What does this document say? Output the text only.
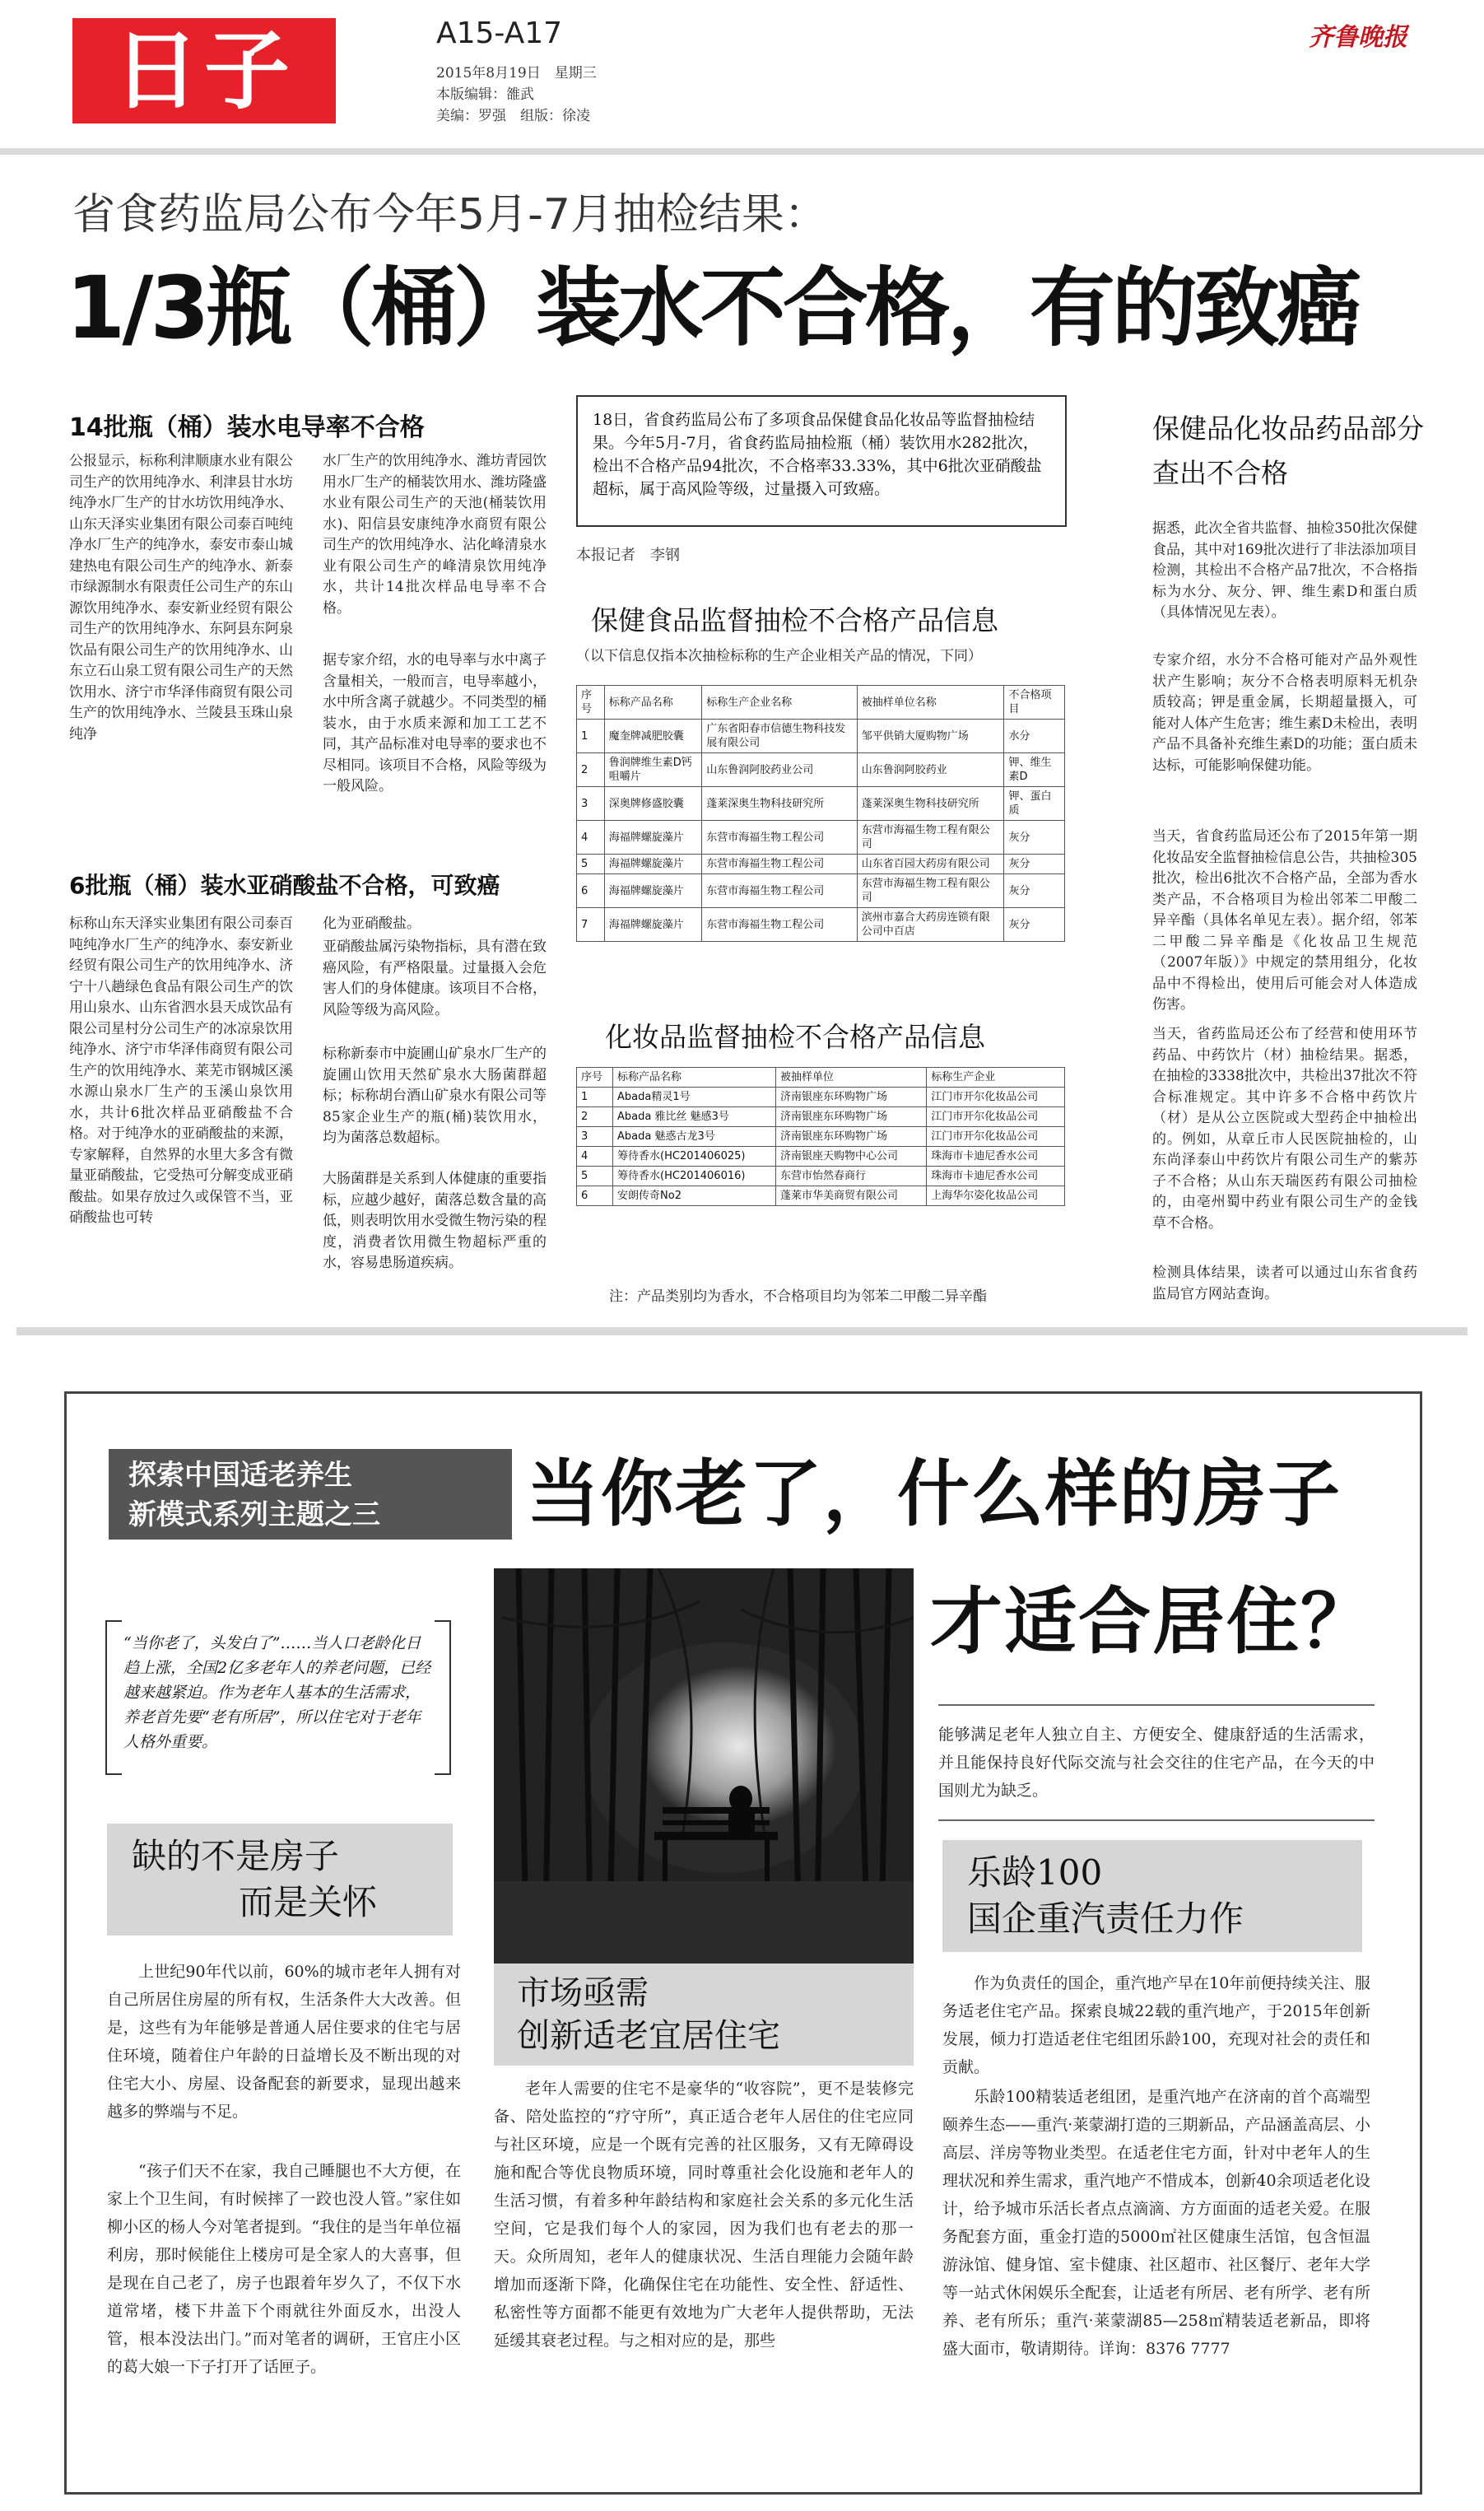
日子	A15-A17
2015年8月19日　星期三
本版编辑：雒武
美编：罗强　组版：徐凌
齐鲁晚报
省食药监局公布今年5月-7月抽检结果：
1/3瓶（桶）装水不合格，有的致癌
14批瓶（桶）装水电导率不合格
公报显示，标称利津顺康水业有限公司生产的饮用纯净水、利津县甘水坊纯净水厂生产的甘水坊饮用纯净水、山东天泽实业集团有限公司泰百吨纯净水厂生产的纯净水，泰安市泰山城建热电有限公司生产的纯净水、新泰市绿源制水有限责任公司生产的东山源饮用纯净水、泰安新业经贸有限公司生产的饮用纯净水、东阿县东阿泉饮品有限公司生产的饮用纯净水、山东立石山泉工贸有限公司生产的天然饮用水、济宁市华泽伟商贸有限公司生产的饮用纯净水、兰陵县玉珠山泉纯净
水厂生产的饮用纯净水、潍坊青园饮用水厂生产的桶装饮用水、潍坊隆盛水业有限公司生产的天池(桶装饮用水)、阳信县安康纯净水商贸有限公司生产的饮用纯净水、沾化峰清泉水业有限公司生产的峰清泉饮用纯净水，共计14批次样品电导率不合格。
据专家介绍，水的电导率与水中离子含量相关，一般而言，电导率越小，水中所含离子就越少。不同类型的桶装水，由于水质来源和加工工艺不同，其产品标准对电导率的要求也不尽相同。该项目不合格，风险等级为一般风险。
6批瓶（桶）装水亚硝酸盐不合格，可致癌
标称山东天泽实业集团有限公司泰百吨纯净水厂生产的纯净水、泰安新业经贸有限公司生产的饮用纯净水、济宁十八趟绿色食品有限公司生产的饮用山泉水、山东省泗水县天成饮品有限公司星村分公司生产的冰凉泉饮用纯净水、济宁市华泽伟商贸有限公司生产的饮用纯净水、莱芜市钢城区溪水源山泉水厂生产的玉溪山泉饮用水，共计6批次样品亚硝酸盐不合格。对于纯净水的亚硝酸盐的来源，专家解释，自然界的水里大多含有微量亚硝酸盐，它受热可分解变成亚硝酸盐。如果存放过久或保管不当，亚硝酸盐也可转
化为亚硝酸盐。
亚硝酸盐属污染物指标，具有潜在致癌风险，有严格限量。过量摄入会危害人们的身体健康。该项目不合格，风险等级为高风险。
标称新泰市中旋圃山矿泉水厂生产的旋圃山饮用天然矿泉水大肠菌群超标；标称胡台酒山矿泉水有限公司等85家企业生产的瓶(桶)装饮用水，均为菌落总数超标。
大肠菌群是关系到人体健康的重要指标，应越少越好，菌落总数含量的高低，则表明饮用水受微生物污染的程度，消费者饮用微生物超标严重的水，容易患肠道疾病。
18日，省食药监局公布了多项食品保健食品化妆品等监督抽检结果。今年5月-7月，省食药监局抽检瓶（桶）装饮用水282批次，检出不合格产品94批次，不合格率33.33%，其中6批次亚硝酸盐超标，属于高风险等级，过量摄入可致癌。
本报记者　李钢
保健食品监督抽检不合格产品信息
（以下信息仅指本次抽检标称的生产企业相关产品的情况，下同）
序号	标称产品名称	标称生产企业名称	被抽样单位名称	不合格项目
1	魔奎牌减肥胶囊	广东省阳春市信德生物科技发展有限公司	邹平供销大厦购物广场	水分
2	鲁润牌维生素D钙咀嚼片	山东鲁润阿胶药业公司	山东鲁润阿胶药业	钾、维生素D
3	深奥牌修盛胶囊	蓬莱深奥生物科技研究所	蓬莱深奥生物科技研究所	钾、蛋白质
4	海福牌螺旋藻片	东营市海福生物工程公司	东营市海福生物工程有限公司	灰分
5	海福牌螺旋藻片	东营市海福生物工程公司	山东省百园大药房有限公司	灰分
6	海福牌螺旋藻片	东营市海福生物工程公司	东营市海福生物工程有限公司	灰分
7	海福牌螺旋藻片	东营市海福生物工程公司	滨州市嘉合大药房连锁有限公司中百店	灰分
化妆品监督抽检不合格产品信息
序号	标称产品名称	被抽样单位	标称生产企业
1	Abada精灵1号	济南银座东环购物广场	江门市开尔化妆品公司
2	Abada 雅比丝 魅感3号	济南银座东环购物广场	江门市开尔化妆品公司
3	Abada 魅惑古龙3号	济南银座东环购物广场	江门市开尔化妆品公司
4	筹待香水(HC201406025)	济南银座天购物中心公司	珠海市卡迪尼香水公司
5	筹待香水(HC201406016)	东营市怡然春商行	珠海市卡迪尼香水公司
6	安朗传奇No2	蓬莱市华美商贸有限公司	上海华尔姿化妆品公司
注：产品类别均为香水，不合格项目均为邻苯二甲酸二异辛酯
保健品化妆品药品部分查出不合格
据悉，此次全省共监督、抽检350批次保健食品，其中对169批次进行了非法添加项目检测，其检出不合格产品7批次，不合格指标为水分、灰分、钾、维生素D和蛋白质（具体情况见左表）。
专家介绍，水分不合格可能对产品外观性状产生影响；灰分不合格表明原料无机杂质较高；钾是重金属，长期超量摄入，可能对人体产生危害；维生素D未检出，表明产品不具备补充维生素D的功能；蛋白质未达标，可能影响保健功能。
当天，省食药监局还公布了2015年第一期化妆品安全监督抽检信息公告，共抽检305批次，检出6批次不合格产品，全部为香水类产品，不合格项目为检出邻苯二甲酸二异辛酯（具体名单见左表）。据介绍，邻苯二甲酸二异辛酯是《化妆品卫生规范（2007年版）》中规定的禁用组分，化妆品中不得检出，使用后可能会对人体造成伤害。
当天，省药监局还公布了经营和使用环节药品、中药饮片（材）抽检结果。据悉，在抽检的3338批次中，共检出37批次不符合标准规定。其中许多不合格中药饮片（材）是从公立医院或大型药企中抽检出的。例如，从章丘市人民医院抽检的，山东尚泽泰山中药饮片有限公司生产的紫苏子不合格；从山东天瑞医药有限公司抽检的，由亳州蜀中药业有限公司生产的金钱草不合格。
检测具体结果，读者可以通过山东省食药监局官方网站查询。
探索中国适老养生
新模式系列主题之三	当你老了，什么样的房子
才适合居住？
“当你老了，头发白了”……当人口老龄化日趋上涨，全国2亿多老年人的养老问题，已经越来越紧迫。作为老年人基本的生活需求，养老首先要“老有所居”，所以住宅对于老年人格外重要。
缺的不是房子
而是关怀
上世纪90年代以前，60%的城市老年人拥有对自己所居住房屋的所有权，生活条件大大改善。但是，这些有为年能够是普通人居住要求的住宅与居住环境，随着住户年龄的日益增长及不断出现的对住宅大小、房屋、设备配套的新要求，显现出越来越多的弊端与不足。
“孩子们天不在家，我自己睡腿也不大方便，在家上个卫生间，有时候摔了一跤也没人管。”家住如柳小区的杨人今对笔者提到。“我住的是当年单位福利房，那时候能住上楼房可是全家人的大喜事，但是现在自己老了，房子也跟着年岁久了，不仅下水道常堵，楼下井盖下个雨就往外面反水，出没人管，根本没法出门。”而对笔者的调研，王官庄小区的葛大娘一下子打开了话匣子。
市场亟需
创新适老宜居住宅
老年人需要的住宅不是豪华的“收容院”，更不是装修完备、陪处监控的“疗守所”，真正适合老年人居住的住宅应同与社区环境，应是一个既有完善的社区服务，又有无障碍设施和配合等优良物质环境，同时尊重社会化设施和老年人的生活习惯，有着多种年龄结构和家庭社会关系的多元化生活空间，它是我们每个人的家园，因为我们也有老去的那一天。众所周知，老年人的健康状况、生活自理能力会随年龄增加而逐渐下降，化确保住宅在功能性、安全性、舒适性、私密性等方面都不能更有效地为广大老年人提供帮助，无法延缓其衰老过程。与之相对应的是，那些
能够满足老年人独立自主、方便安全、健康舒适的生活需求，并且能保持良好代际交流与社会交往的住宅产品，在今天的中国则尤为缺乏。
乐龄100
国企重汽责任力作
作为负责任的国企，重汽地产早在10年前便持续关注、服务适老住宅产品。探索良城22载的重汽地产，于2015年创新发展，倾力打造适老住宅组团乐龄100，充现对社会的责任和贡献。
乐龄100精装适老组团，是重汽地产在济南的首个高端型颐养生态——重汽·莱蒙湖打造的三期新品，产品涵盖高层、小高层、洋房等物业类型。在适老住宅方面，针对中老年人的生理状况和养生需求，重汽地产不惜成本，创新40余项适老化设计，给予城市乐活长者点点滴滴、方方面面的适老关爱。在服务配套方面，重金打造的5000㎡社区健康生活馆，包含恒温游泳馆、健身馆、室卡健康、社区超市、社区餐厅、老年大学等一站式休闲娱乐全配套，让适老有所居、老有所学、老有所养、老有所乐；重汽·莱蒙湖85—258㎡精装适老新品，即将盛大面市，敬请期待。详询：8376 7777
